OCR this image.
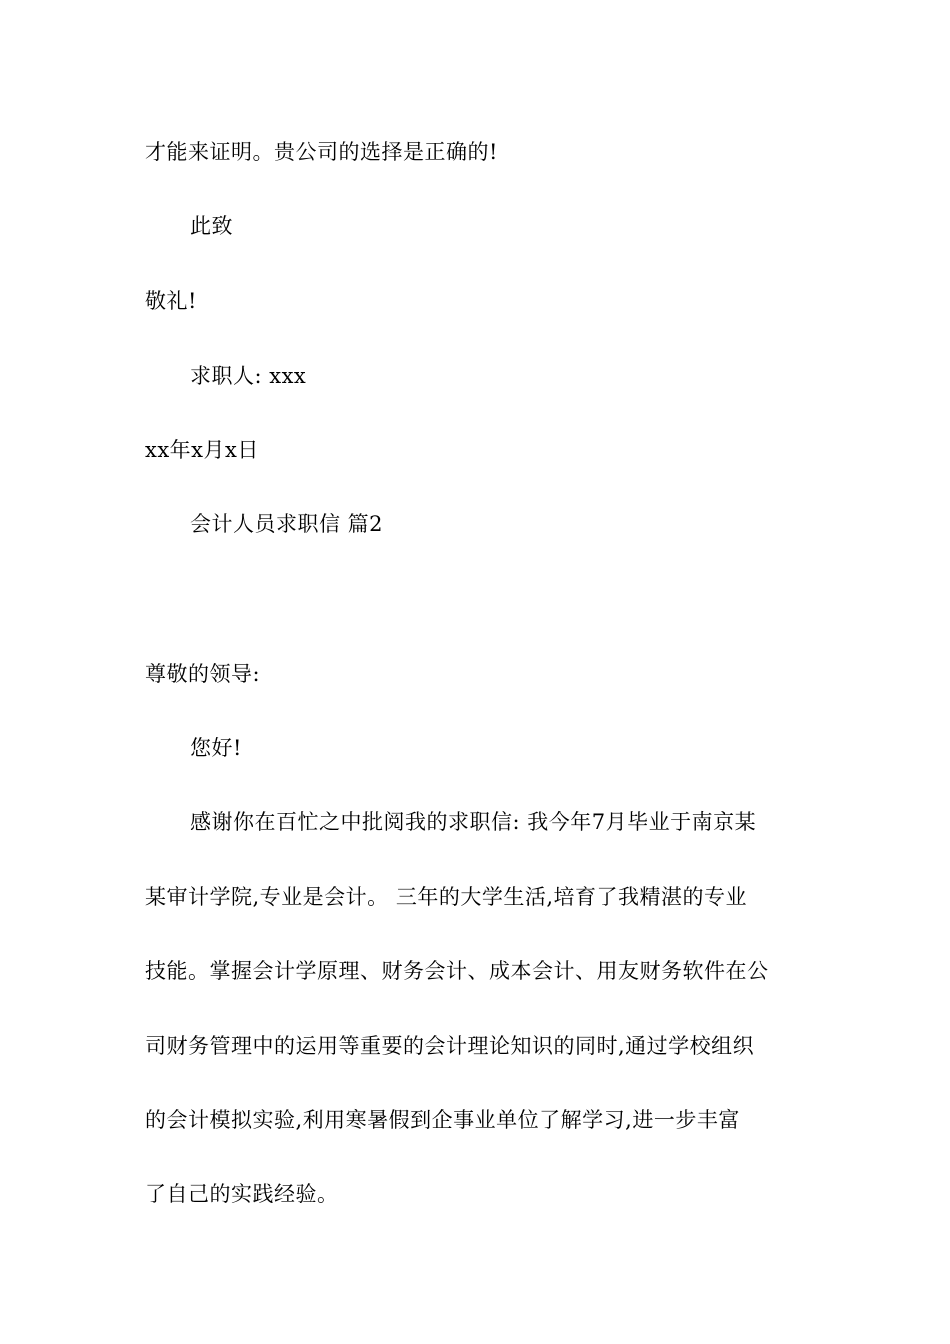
才能来证明。贵公司的选择是正确的!
此致
敬礼!
求职人: xxx
xx年x月x日
会计人员求职信 篇2
尊敬的领导:
您好!
感谢你在百忙之中批阅我的求职信: 我今年7月毕业于南京某
某审计学院,专业是会计。 三年的大学生活,培育了我精湛的专业
技能。掌握会计学原理、财务会计、成本会计、用友财务软件在公
司财务管理中的运用等重要的会计理论知识的同时,通过学校组织
的会计模拟实验,利用寒暑假到企事业单位了解学习,进一步丰富
了自己的实践经验。
